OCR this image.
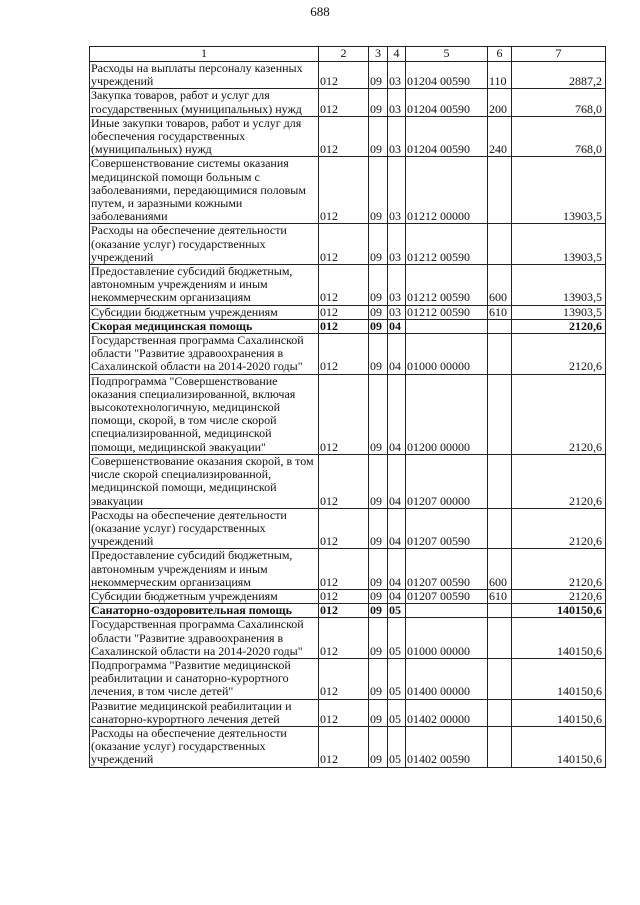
688
1	2	3	4	5	6	7
Расходы на выплаты персоналу казенных учреждений	012	09	03	01204 00590	110	2887,2
Закупка товаров, работ и услуг для государственных (муниципальных) нужд	012	09	03	01204 00590	200	768,0
Иные закупки товаров, работ и услуг для обеспечения государственных (муниципальных) нужд	012	09	03	01204 00590	240	768,0
Совершенствование системы оказания медицинской помощи больным с заболеваниями, передающимися половым путем, и заразными кожными заболеваниями	012	09	03	01212 00000		13903,5
Расходы на обеспечение деятельности (оказание услуг) государственных учреждений	012	09	03	01212 00590		13903,5
Предоставление субсидий бюджетным, автономным учреждениям и иным некоммерческим организациям	012	09	03	01212 00590	600	13903,5
Субсидии бюджетным учреждениям	012	09	03	01212 00590	610	13903,5
Скорая медицинская помощь	012	09	04			2120,6
Государственная программа Сахалинской области "Развитие здравоохранения в Сахалинской области на 2014-2020 годы"	012	09	04	01000 00000		2120,6
Подпрограмма "Совершенствование оказания специализированной, включая высокотехнологичную, медицинской помощи, скорой, в том числе скорой специализированной, медицинской помощи, медицинской эвакуации"	012	09	04	01200 00000		2120,6
Совершенствование оказания скорой, в том числе скорой специализированной, медицинской помощи, медицинской эвакуации	012	09	04	01207 00000		2120,6
Расходы на обеспечение деятельности (оказание услуг) государственных учреждений	012	09	04	01207 00590		2120,6
Предоставление субсидий бюджетным, автономным учреждениям и иным некоммерческим организациям	012	09	04	01207 00590	600	2120,6
Субсидии бюджетным учреждениям	012	09	04	01207 00590	610	2120,6
Санаторно-оздоровительная помощь	012	09	05			140150,6
Государственная программа Сахалинской области "Развитие здравоохранения в Сахалинской области на 2014-2020 годы"	012	09	05	01000 00000		140150,6
Подпрограмма "Развитие медицинской реабилитации и санаторно-курортного лечения, в том числе детей"	012	09	05	01400 00000		140150,6
Развитие медицинской реабилитации и санаторно-курортного лечения детей	012	09	05	01402 00000		140150,6
Расходы на обеспечение деятельности (оказание услуг) государственных учреждений	012	09	05	01402 00590		140150,6
